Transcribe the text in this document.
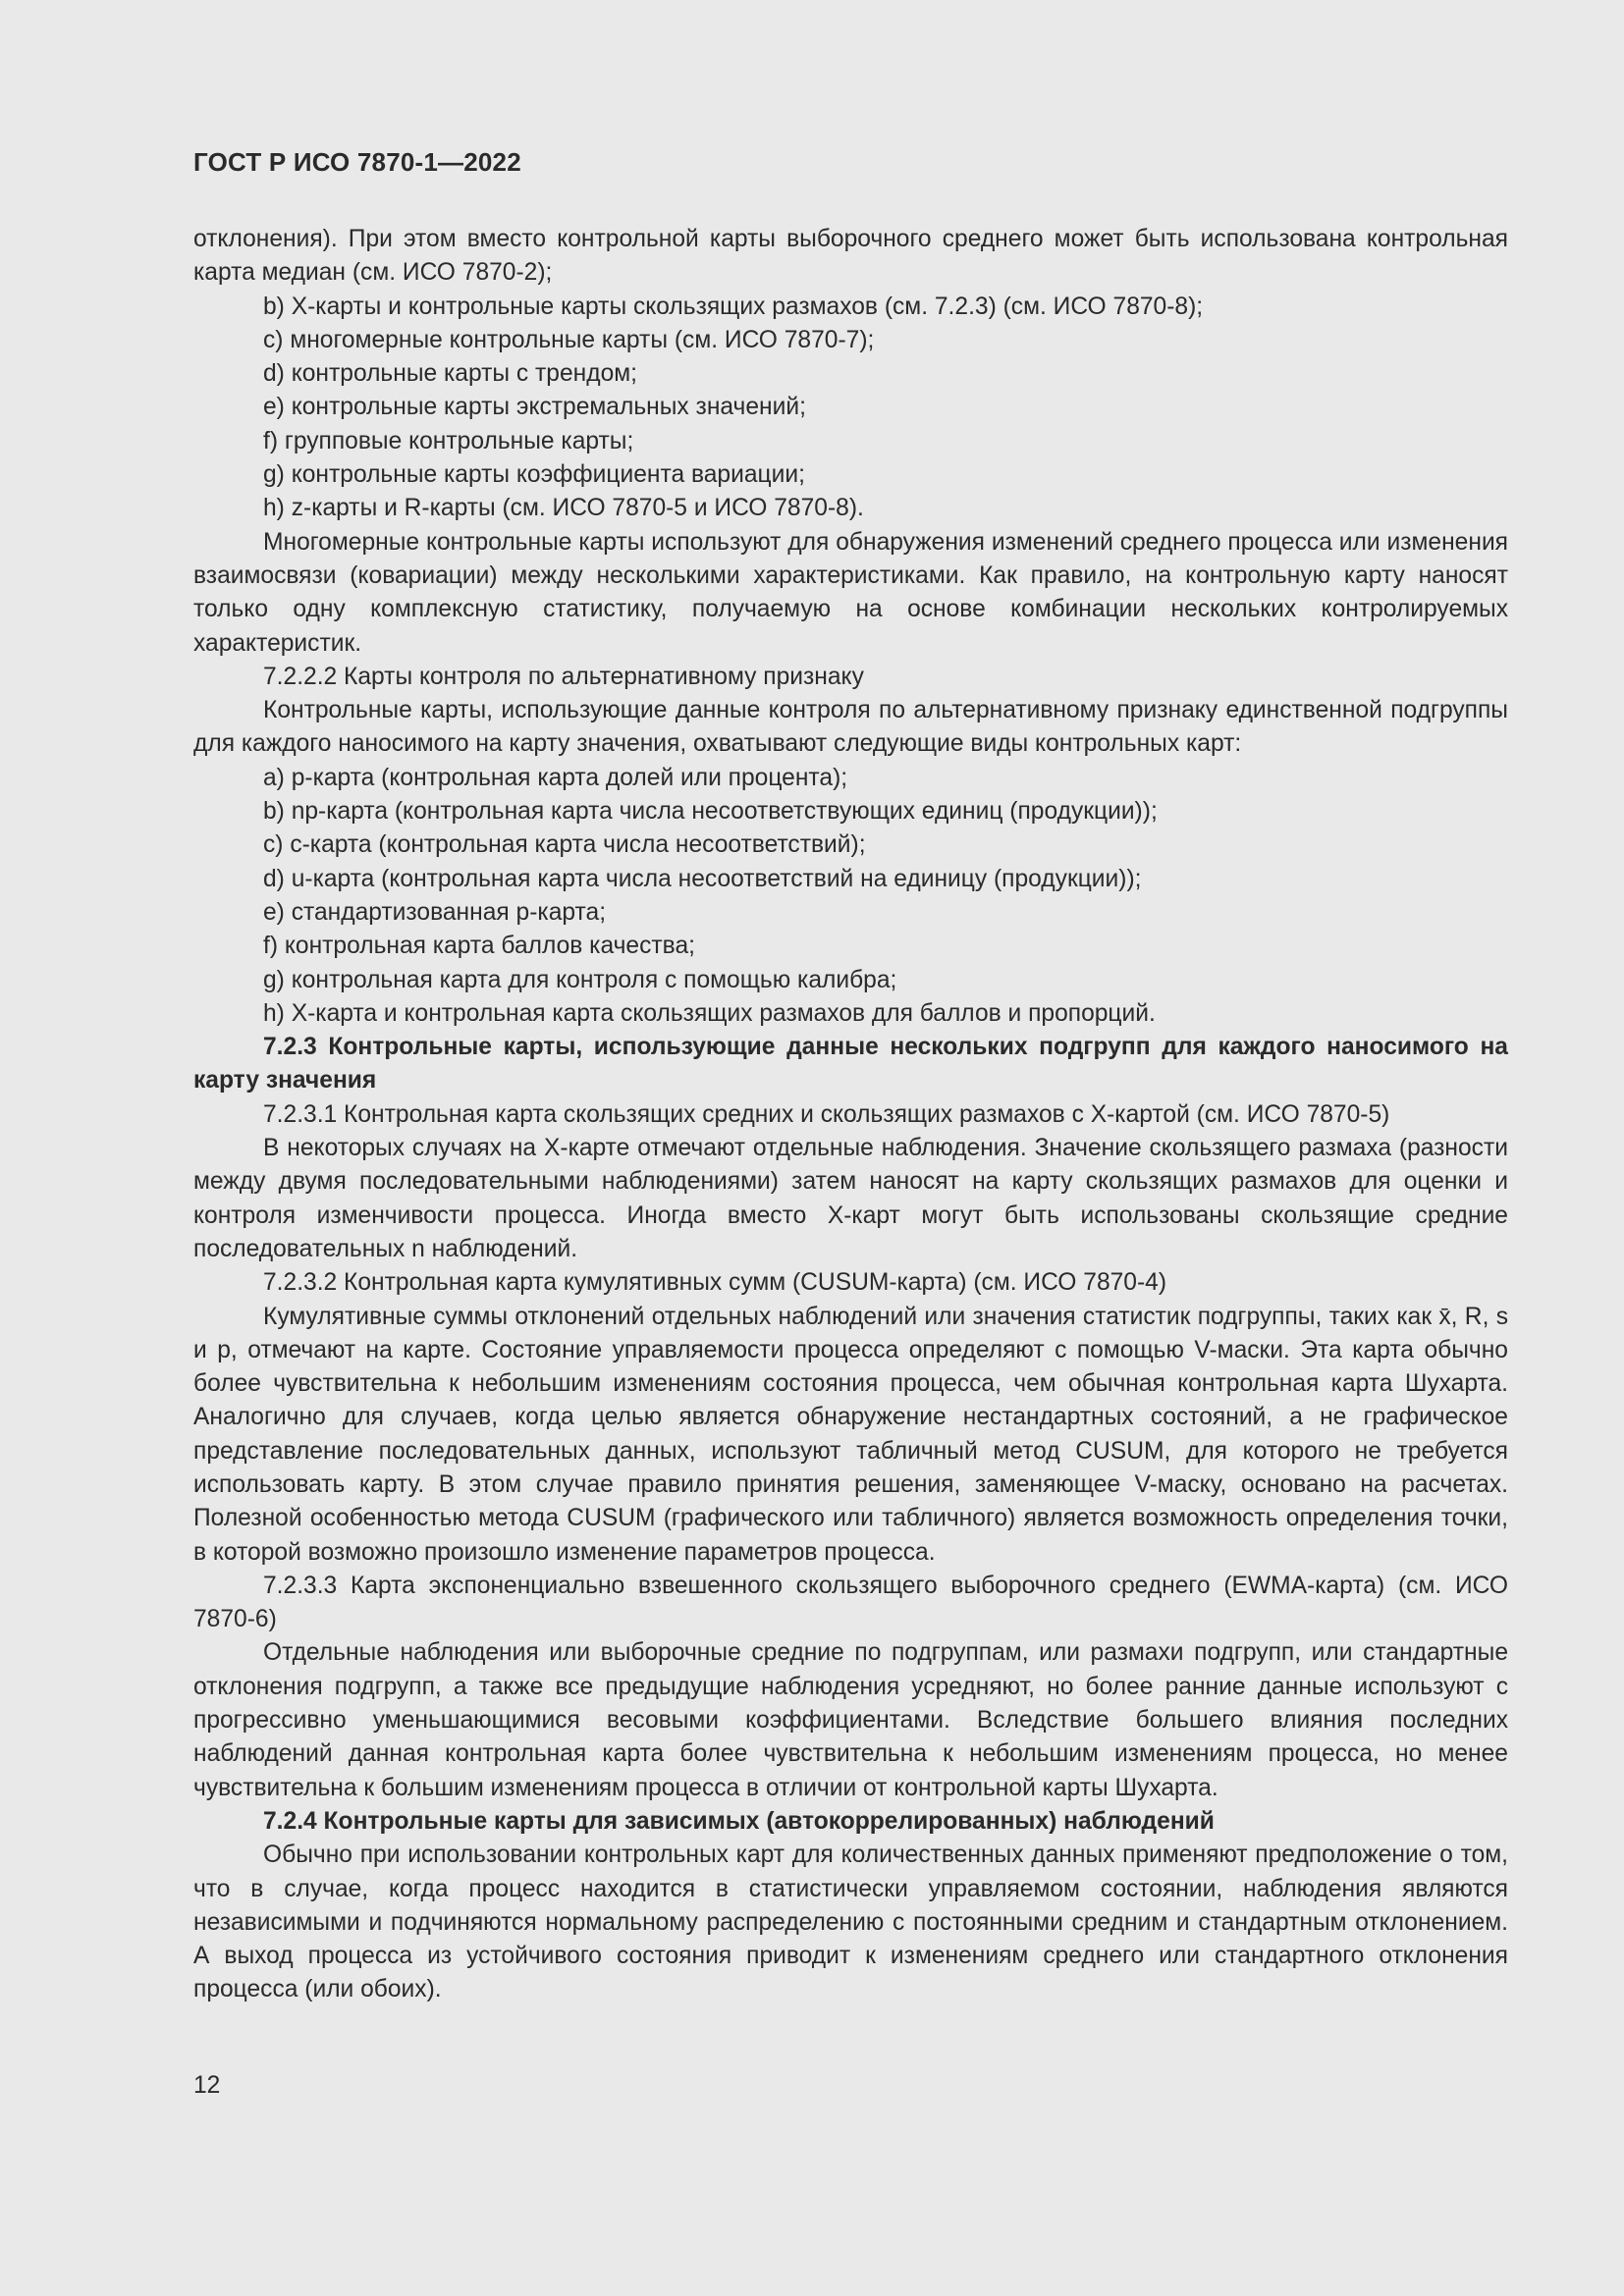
ГОСТ Р ИСО 7870-1—2022

отклонения). При этом вместо контрольной карты выборочного среднего может быть использована контрольная карта медиан (см. ИСО 7870-2);

b) X-карты и контрольные карты скользящих размахов (см. 7.2.3) (см. ИСО 7870-8);

c) многомерные контрольные карты (см. ИСО 7870-7);

d) контрольные карты с трендом;

e) контрольные карты экстремальных значений;

f) групповые контрольные карты;

g) контрольные карты коэффициента вариации;

h) z-карты и R-карты (см. ИСО 7870-5 и ИСО 7870-8).

Многомерные контрольные карты используют для обнаружения изменений среднего процесса или изменения взаимосвязи (ковариации) между несколькими характеристиками. Как правило, на контрольную карту наносят только одну комплексную статистику, получаемую на основе комбинации нескольких контролируемых характеристик.

7.2.2.2 Карты контроля по альтернативному признаку

Контрольные карты, использующие данные контроля по альтернативному признаку единственной подгруппы для каждого наносимого на карту значения, охватывают следующие виды контрольных карт:

a) p-карта (контрольная карта долей или процента);

b) np-карта (контрольная карта числа несоответствующих единиц (продукции));

c) c-карта (контрольная карта числа несоответствий);

d) u-карта (контрольная карта числа несоответствий на единицу (продукции));

e) стандартизованная p-карта;

f) контрольная карта баллов качества;

g) контрольная карта для контроля с помощью калибра;

h) X-карта и контрольная карта скользящих размахов для баллов и пропорций.

7.2.3 Контрольные карты, использующие данные нескольких подгрупп для каждого наносимого на карту значения

7.2.3.1 Контрольная карта скользящих средних и скользящих размахов с X-картой (см. ИСО 7870-5)

В некоторых случаях на X-карте отмечают отдельные наблюдения. Значение скользящего размаха (разности между двумя последовательными наблюдениями) затем наносят на карту скользящих размахов для оценки и контроля изменчивости процесса. Иногда вместо X-карт могут быть использованы скользящие средние последовательных n наблюдений.

7.2.3.2 Контрольная карта кумулятивных сумм (CUSUM-карта) (см. ИСО 7870-4)

Кумулятивные суммы отклонений отдельных наблюдений или значения статистик подгруппы, таких как x̄, R, s и p, отмечают на карте. Состояние управляемости процесса определяют с помощью V-маски. Эта карта обычно более чувствительна к небольшим изменениям состояния процесса, чем обычная контрольная карта Шухарта. Аналогично для случаев, когда целью является обнаружение нестандартных состояний, а не графическое представление последовательных данных, используют табличный метод CUSUM, для которого не требуется использовать карту. В этом случае правило принятия решения, заменяющее V-маску, основано на расчетах. Полезной особенностью метода CUSUM (графического или табличного) является возможность определения точки, в которой возможно произошло изменение параметров процесса.

7.2.3.3 Карта экспоненциально взвешенного скользящего выборочного среднего (EWMA-карта) (см. ИСО 7870-6)

Отдельные наблюдения или выборочные средние по подгруппам, или размахи подгрупп, или стандартные отклонения подгрупп, а также все предыдущие наблюдения усредняют, но более ранние данные используют с прогрессивно уменьшающимися весовыми коэффициентами. Вследствие большего влияния последних наблюдений данная контрольная карта более чувствительна к небольшим изменениям процесса, но менее чувствительна к большим изменениям процесса в отличии от контрольной карты Шухарта.

7.2.4 Контрольные карты для зависимых (автокоррелированных) наблюдений

Обычно при использовании контрольных карт для количественных данных применяют предположение о том, что в случае, когда процесс находится в статистически управляемом состоянии, наблюдения являются независимыми и подчиняются нормальному распределению с постоянными средним и стандартным отклонением. А выход процесса из устойчивого состояния приводит к изменениям среднего или стандартного отклонения процесса (или обоих).

12
